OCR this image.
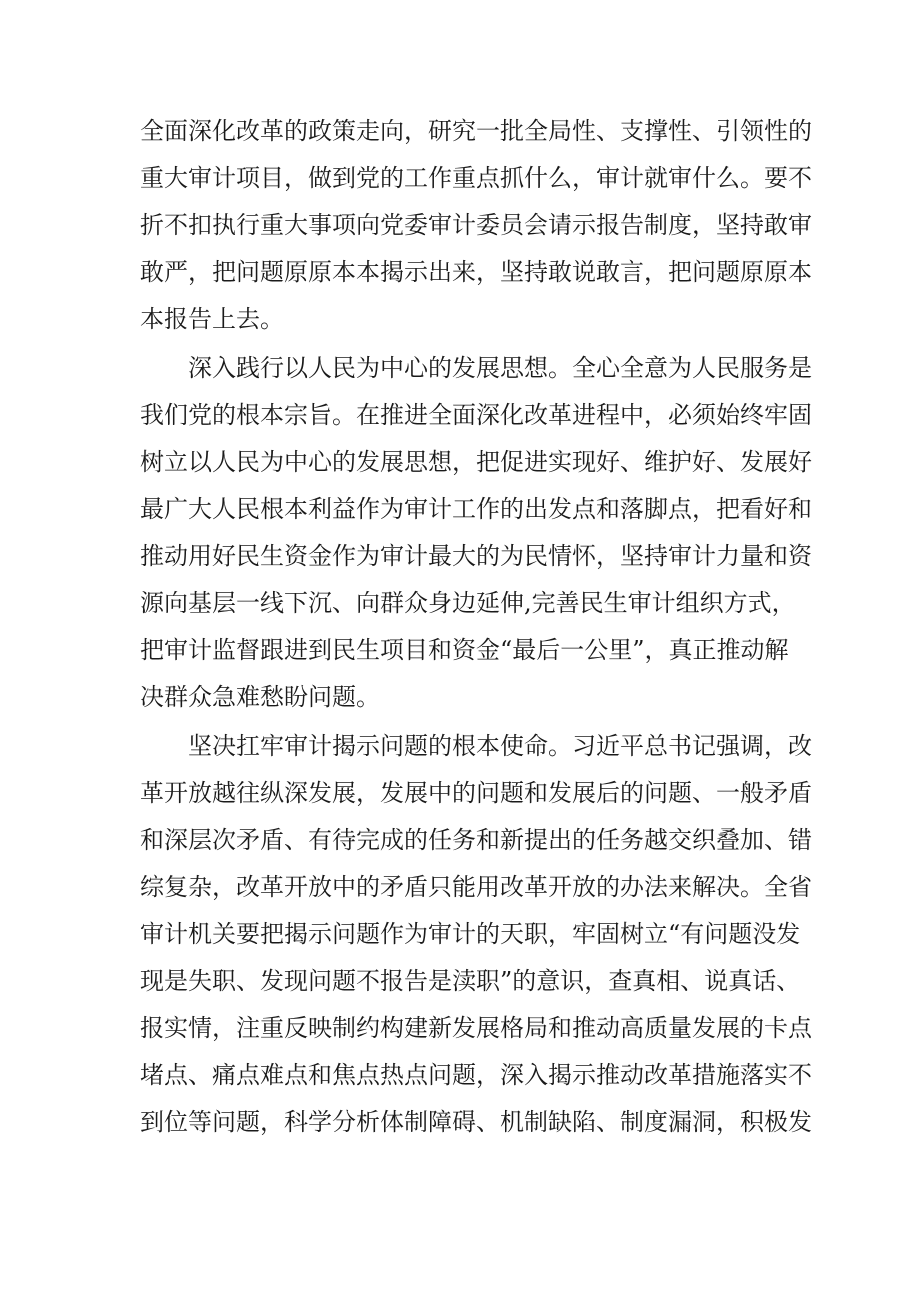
全面深化改革的政策走向，研究一批全局性、支撑性、引领性的
重大审计项目，做到党的工作重点抓什么，审计就审什么。要不
折不扣执行重大事项向党委审计委员会请示报告制度，坚持敢审
敢严，把问题原原本本揭示出来，坚持敢说敢言，把问题原原本
本报告上去。
深入践行以人民为中心的发展思想。全心全意为人民服务是
我们党的根本宗旨。在推进全面深化改革进程中，必须始终牢固
树立以人民为中心的发展思想，把促进实现好、维护好、发展好
最广大人民根本利益作为审计工作的出发点和落脚点，把看好和
推动用好民生资金作为审计最大的为民情怀，坚持审计力量和资
源向基层一线下沉、向群众身边延伸,完善民生审计组织方式，
把审计监督跟进到民生项目和资金“最后一公里”，真正推动解
决群众急难愁盼问题。
坚决扛牢审计揭示问题的根本使命。习近平总书记强调，改
革开放越往纵深发展，发展中的问题和发展后的问题、一般矛盾
和深层次矛盾、有待完成的任务和新提出的任务越交织叠加、错
综复杂，改革开放中的矛盾只能用改革开放的办法来解决。全省
审计机关要把揭示问题作为审计的天职，牢固树立“有问题没发
现是失职、发现问题不报告是渎职”的意识，查真相、说真话、
报实情，注重反映制约构建新发展格局和推动高质量发展的卡点
堵点、痛点难点和焦点热点问题，深入揭示推动改革措施落实不
到位等问题，科学分析体制障碍、机制缺陷、制度漏洞，积极发
